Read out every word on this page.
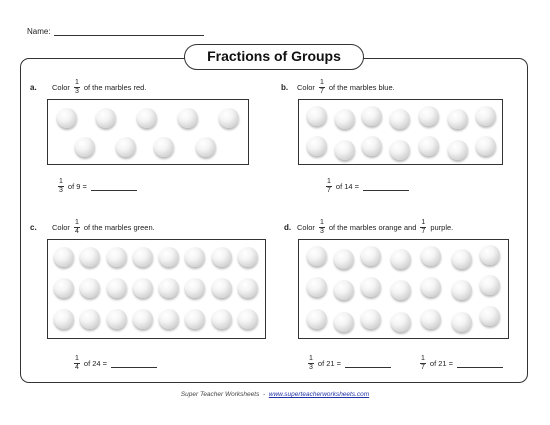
Name:
Fractions of Groups
a.	Color $\frac{1}{3}$ of the marbles red.
$\frac{1}{3}$ of 9 =
b.	Color $\frac{1}{7}$ of the marbles blue.
$\frac{1}{7}$ of 14 =
c.	Color $\frac{1}{4}$ of the marbles green.
$\frac{1}{4}$ of 24 =
d. Color $\frac{1}{3}$ of the marbles orange and $\frac{1}{7}$ purple.
$\frac{1}{3}$ of 21 =	$\frac{1}{7}$ of 21 =
Super Teacher Worksheets - www.superteacherworksheets.com
